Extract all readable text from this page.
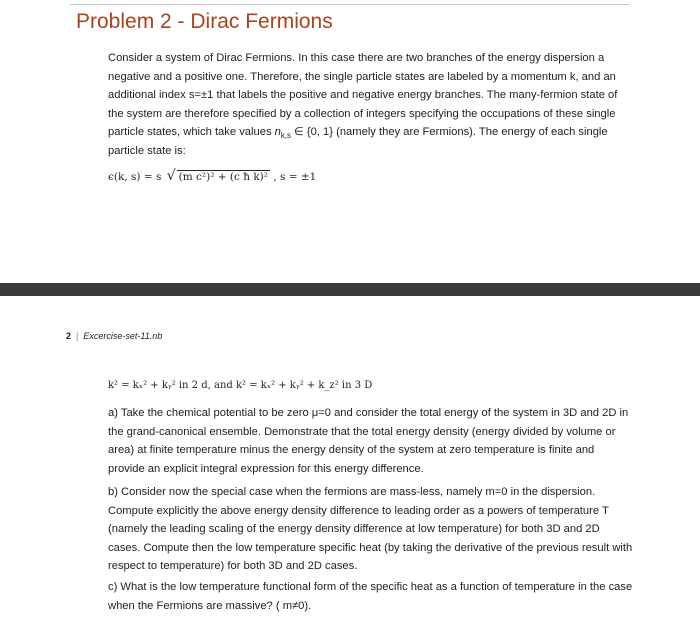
Problem 2 - Dirac Fermions

Consider a system of Dirac Fermions. In this case there are two branches of the energy dispersion a negative and a positive one. Therefore, the single particle states are labeled by a momentum k, and an additional index s=±1 that labels the positive and negative energy branches. The many-fermion state of the system are therefore specified by a collection of integers specifying the occupations of these single particle states, which take values $n_{k,s}$ ∈ {0, 1} (namely they are Fermions). The energy of each single particle state is:

ϵ(k, s) = s √ (m c²)² + (c ħ k)² , s = ±1
2 | Excercise-set-11.nb
k² = kₓ² + kᵧ² in 2 d, and k² = kₓ² + kᵧ² + k_z² in 3 D

a) Take the chemical potential to be zero μ=0 and consider the total energy of the system in 3D and 2D in the grand-canonical ensemble. Demonstrate that the total energy density (energy divided by volume or area) at finite temperature minus the energy density of the system at zero temperature is finite and provide an explicit integral expression for this energy difference.

b) Consider now the special case when the fermions are mass-less, namely m=0 in the dispersion. Compute explicitly the above energy density difference to leading order as a powers of temperature T (namely the leading scaling of the energy density difference at low temperature) for both 3D and 2D cases. Compute then the low temperature specific heat (by taking the derivative of the previous result with respect to temperature) for both 3D and 2D cases.

c) What is the low temperature functional form of the specific heat as a function of temperature in the case when the Fermions are massive? ( m≠0).
